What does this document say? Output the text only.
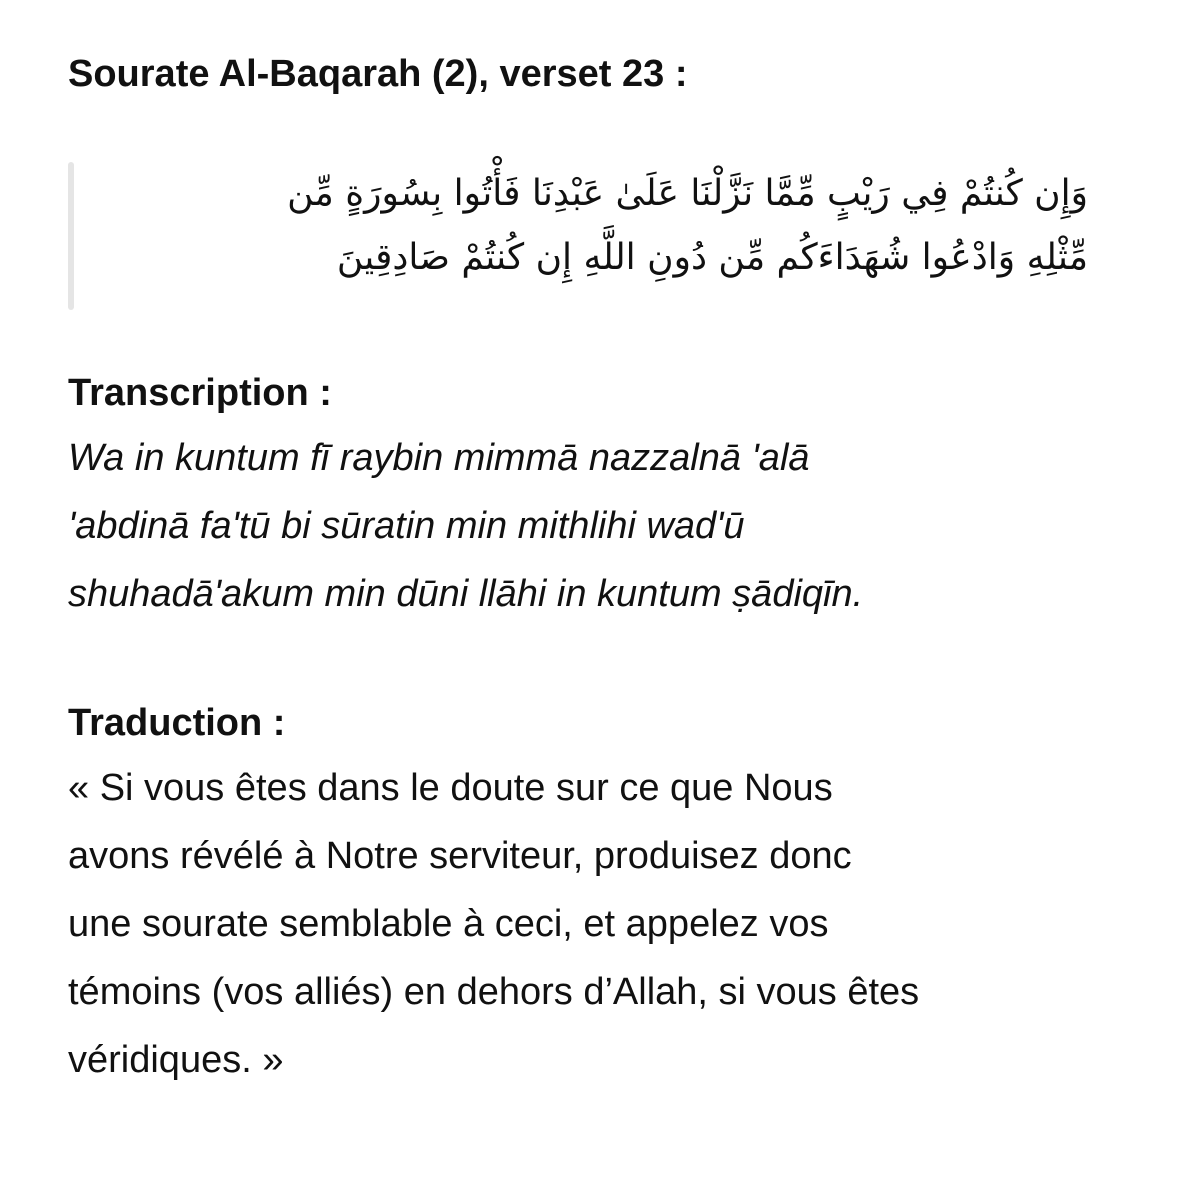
Sourate Al-Baqarah (2), verset 23 :

وَإِن كُنتُمْ فِي رَيْبٍ مِّمَّا نَزَّلْنَا عَلَىٰ عَبْدِنَا فَأْتُوا بِسُورَةٍ مِّن
مِّثْلِهِ وَادْعُوا شُهَدَاءَكُم مِّن دُونِ اللَّهِ إِن كُنتُمْ صَادِقِينَ

Transcription :

Wa in kuntum fī raybin mimmā nazzalnā 'alā
'abdinā fa'tū bi sūratin min mithlihi wad'ū
shuhadā'akum min dūni llāhi in kuntum ṣādiqīn.

Traduction :

« Si vous êtes dans le doute sur ce que Nous
avons révélé à Notre serviteur, produisez donc
une sourate semblable à ceci, et appelez vos
témoins (vos alliés) en dehors d’Allah, si vous êtes
véridiques. »
